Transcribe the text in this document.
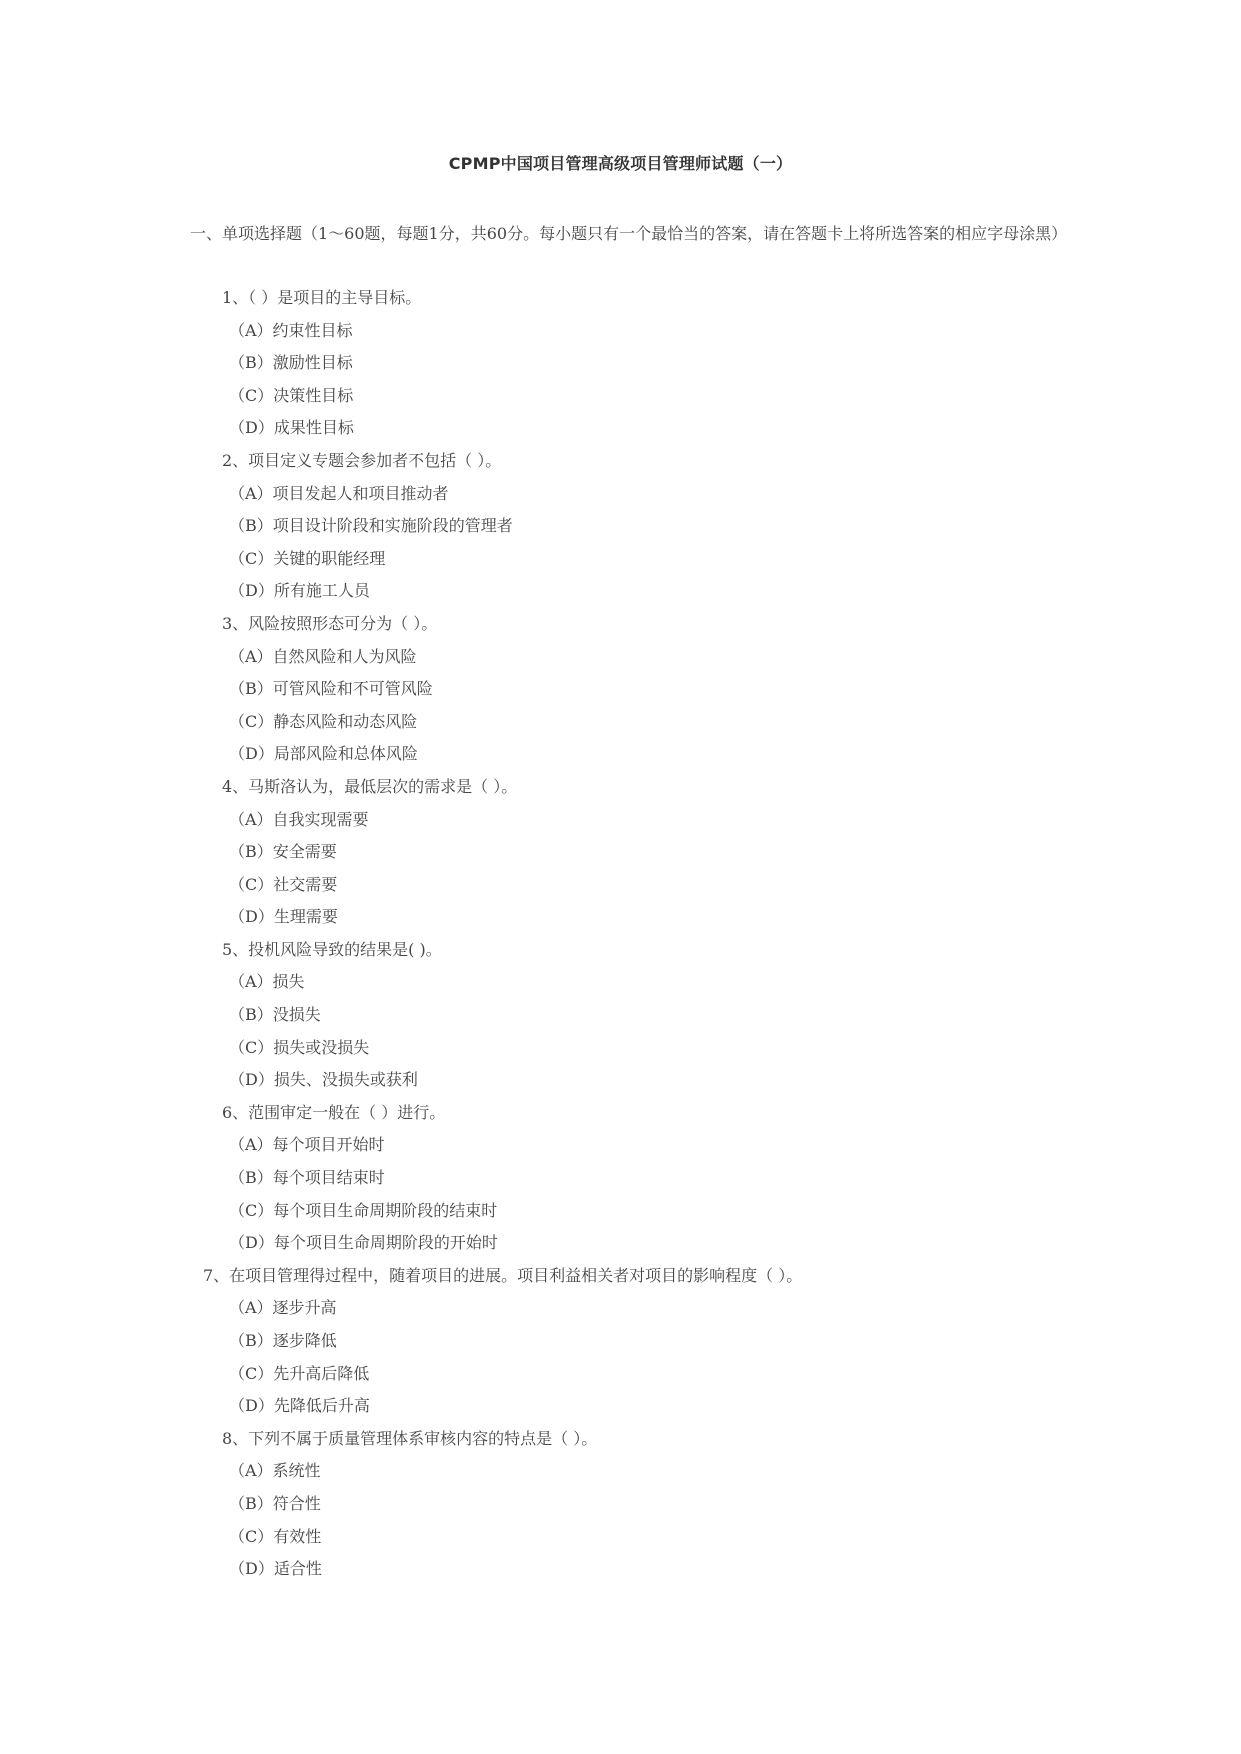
CPMP中国项目管理高级项目管理师试题（一）
一、单项选择题（1～60题，每题1分，共60分。每小题只有一个最恰当的答案，请在答题卡上将所选答案的相应字母涂黑）
1、（ ）是项目的主导目标。
（A）约束性目标
（B）激励性目标
（C）决策性目标
（D）成果性目标
2、项目定义专题会参加者不包括（ ）。
（A）项目发起人和项目推动者
（B）项目设计阶段和实施阶段的管理者
（C）关键的职能经理
（D）所有施工人员
3、风险按照形态可分为（ ）。
（A）自然风险和人为风险
（B）可管风险和不可管风险
（C）静态风险和动态风险
（D）局部风险和总体风险
4、马斯洛认为，最低层次的需求是（ ）。
（A）自我实现需要
（B）安全需要
（C）社交需要
（D）生理需要
5、投机风险导致的结果是( )。
（A）损失
（B）没损失
（C）损失或没损失
（D）损失、没损失或获利
6、范围审定一般在（ ）进行。
（A）每个项目开始时
（B）每个项目结束时
（C）每个项目生命周期阶段的结束时
（D）每个项目生命周期阶段的开始时
7、在项目管理得过程中，随着项目的进展。项目利益相关者对项目的影响程度（ ）。
（A）逐步升高
（B）逐步降低
（C）先升高后降低
（D）先降低后升高
8、下列不属于质量管理体系审核内容的特点是（ ）。
（A）系统性
（B）符合性
（C）有效性
（D）适合性
